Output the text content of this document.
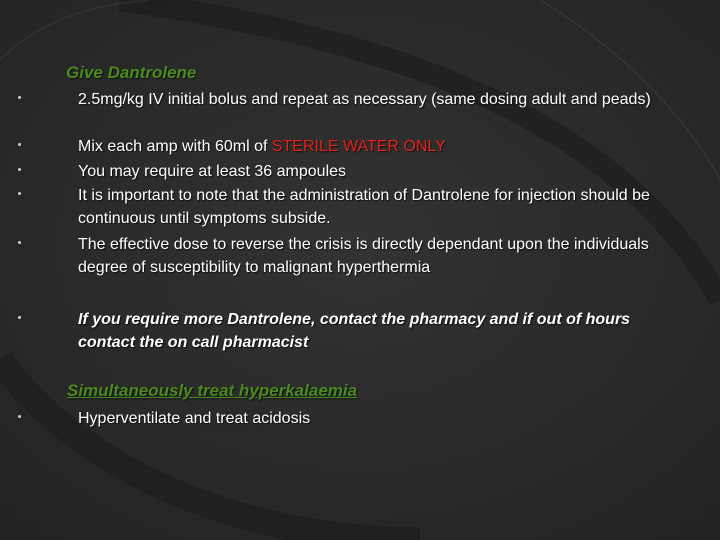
Give Dantrolene
2.5mg/kg IV initial bolus and repeat as necessary (same dosing adult and peads)
Mix each amp with 60ml of STERILE WATER ONLY
You may require at least 36 ampoules
It is important to note that the administration of Dantrolene for injection should be continuous until symptoms subside.
The effective dose to reverse the crisis is directly dependant upon the individuals degree of susceptibility to malignant hyperthermia
If you require more Dantrolene, contact the pharmacy and if out of hours contact the on call pharmacist
Simultaneously treat hyperkalaemia
Hyperventilate and treat acidosis
